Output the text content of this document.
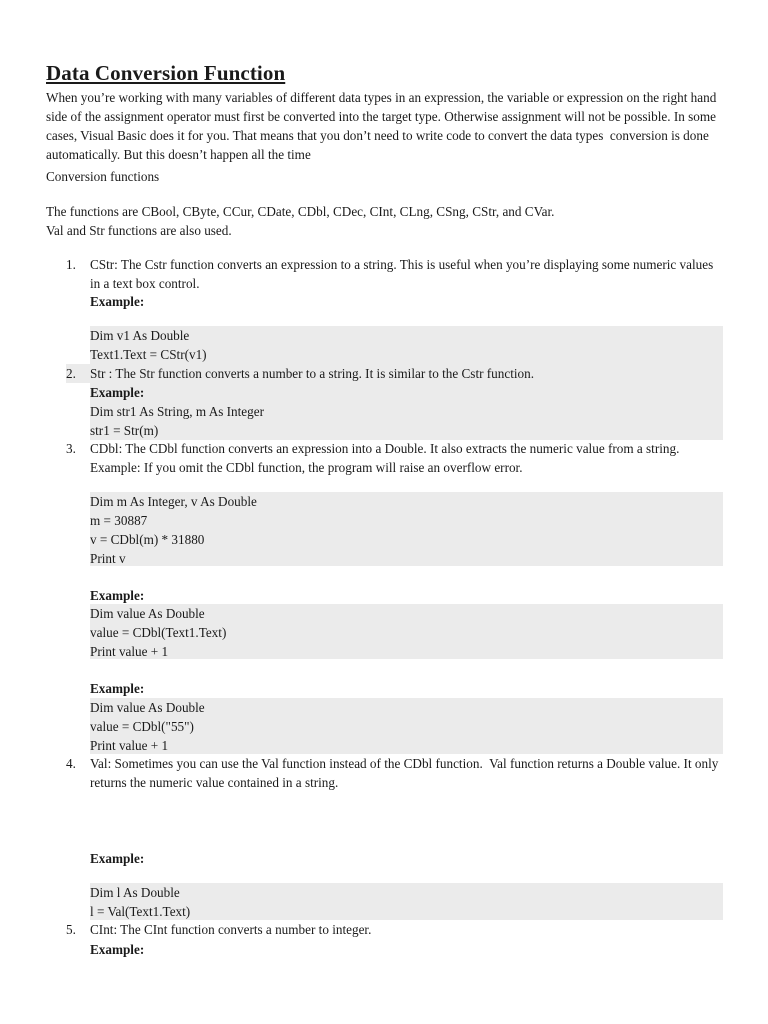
Data Conversion Function

When you’re working with many variables of different data types in an expression, the variable or expression on the right hand side of the assignment operator must first be converted into the target type. Otherwise assignment will not be possible. In some cases, Visual Basic does it for you. That means that you don’t need to write code to convert the data types  conversion is done automatically. But this doesn’t happen all the time

Conversion functions

The functions are CBool, CByte, CCur, CDate, CDbl, CDec, CInt, CLng, CSng, CStr, and CVar.

Val and Str functions are also used.

1. CStr: The Cstr function converts an expression to a string. This is useful when you’re displaying some numeric values in a text box control.

Example:
Dim v1 As Double
Text1.Text = CStr(v1)
2. Str : The Str function converts a number to a string. It is similar to the Cstr function.

Example:
Dim str1 As String, m As Integer
str1 = Str(m)
3. CDbl: The CDbl function converts an expression into a Double. It also extracts the numeric value from a string.

Example: If you omit the CDbl function, the program will raise an overflow error.

Dim m As Integer, v As Double
m = 30887
v = CDbl(m) * 31880
Print v
Example:
Dim value As Double
value = CDbl(Text1.Text)
Print value + 1
Example:
Dim value As Double
value = CDbl("55")
Print value + 1
4. Val: Sometimes you can use the Val function instead of the CDbl function.  Val function returns a Double value. It only returns the numeric value contained in a string.

Example:
Dim l As Double
l = Val(Text1.Text)
5. CInt: The CInt function converts a number to integer.

Example:
